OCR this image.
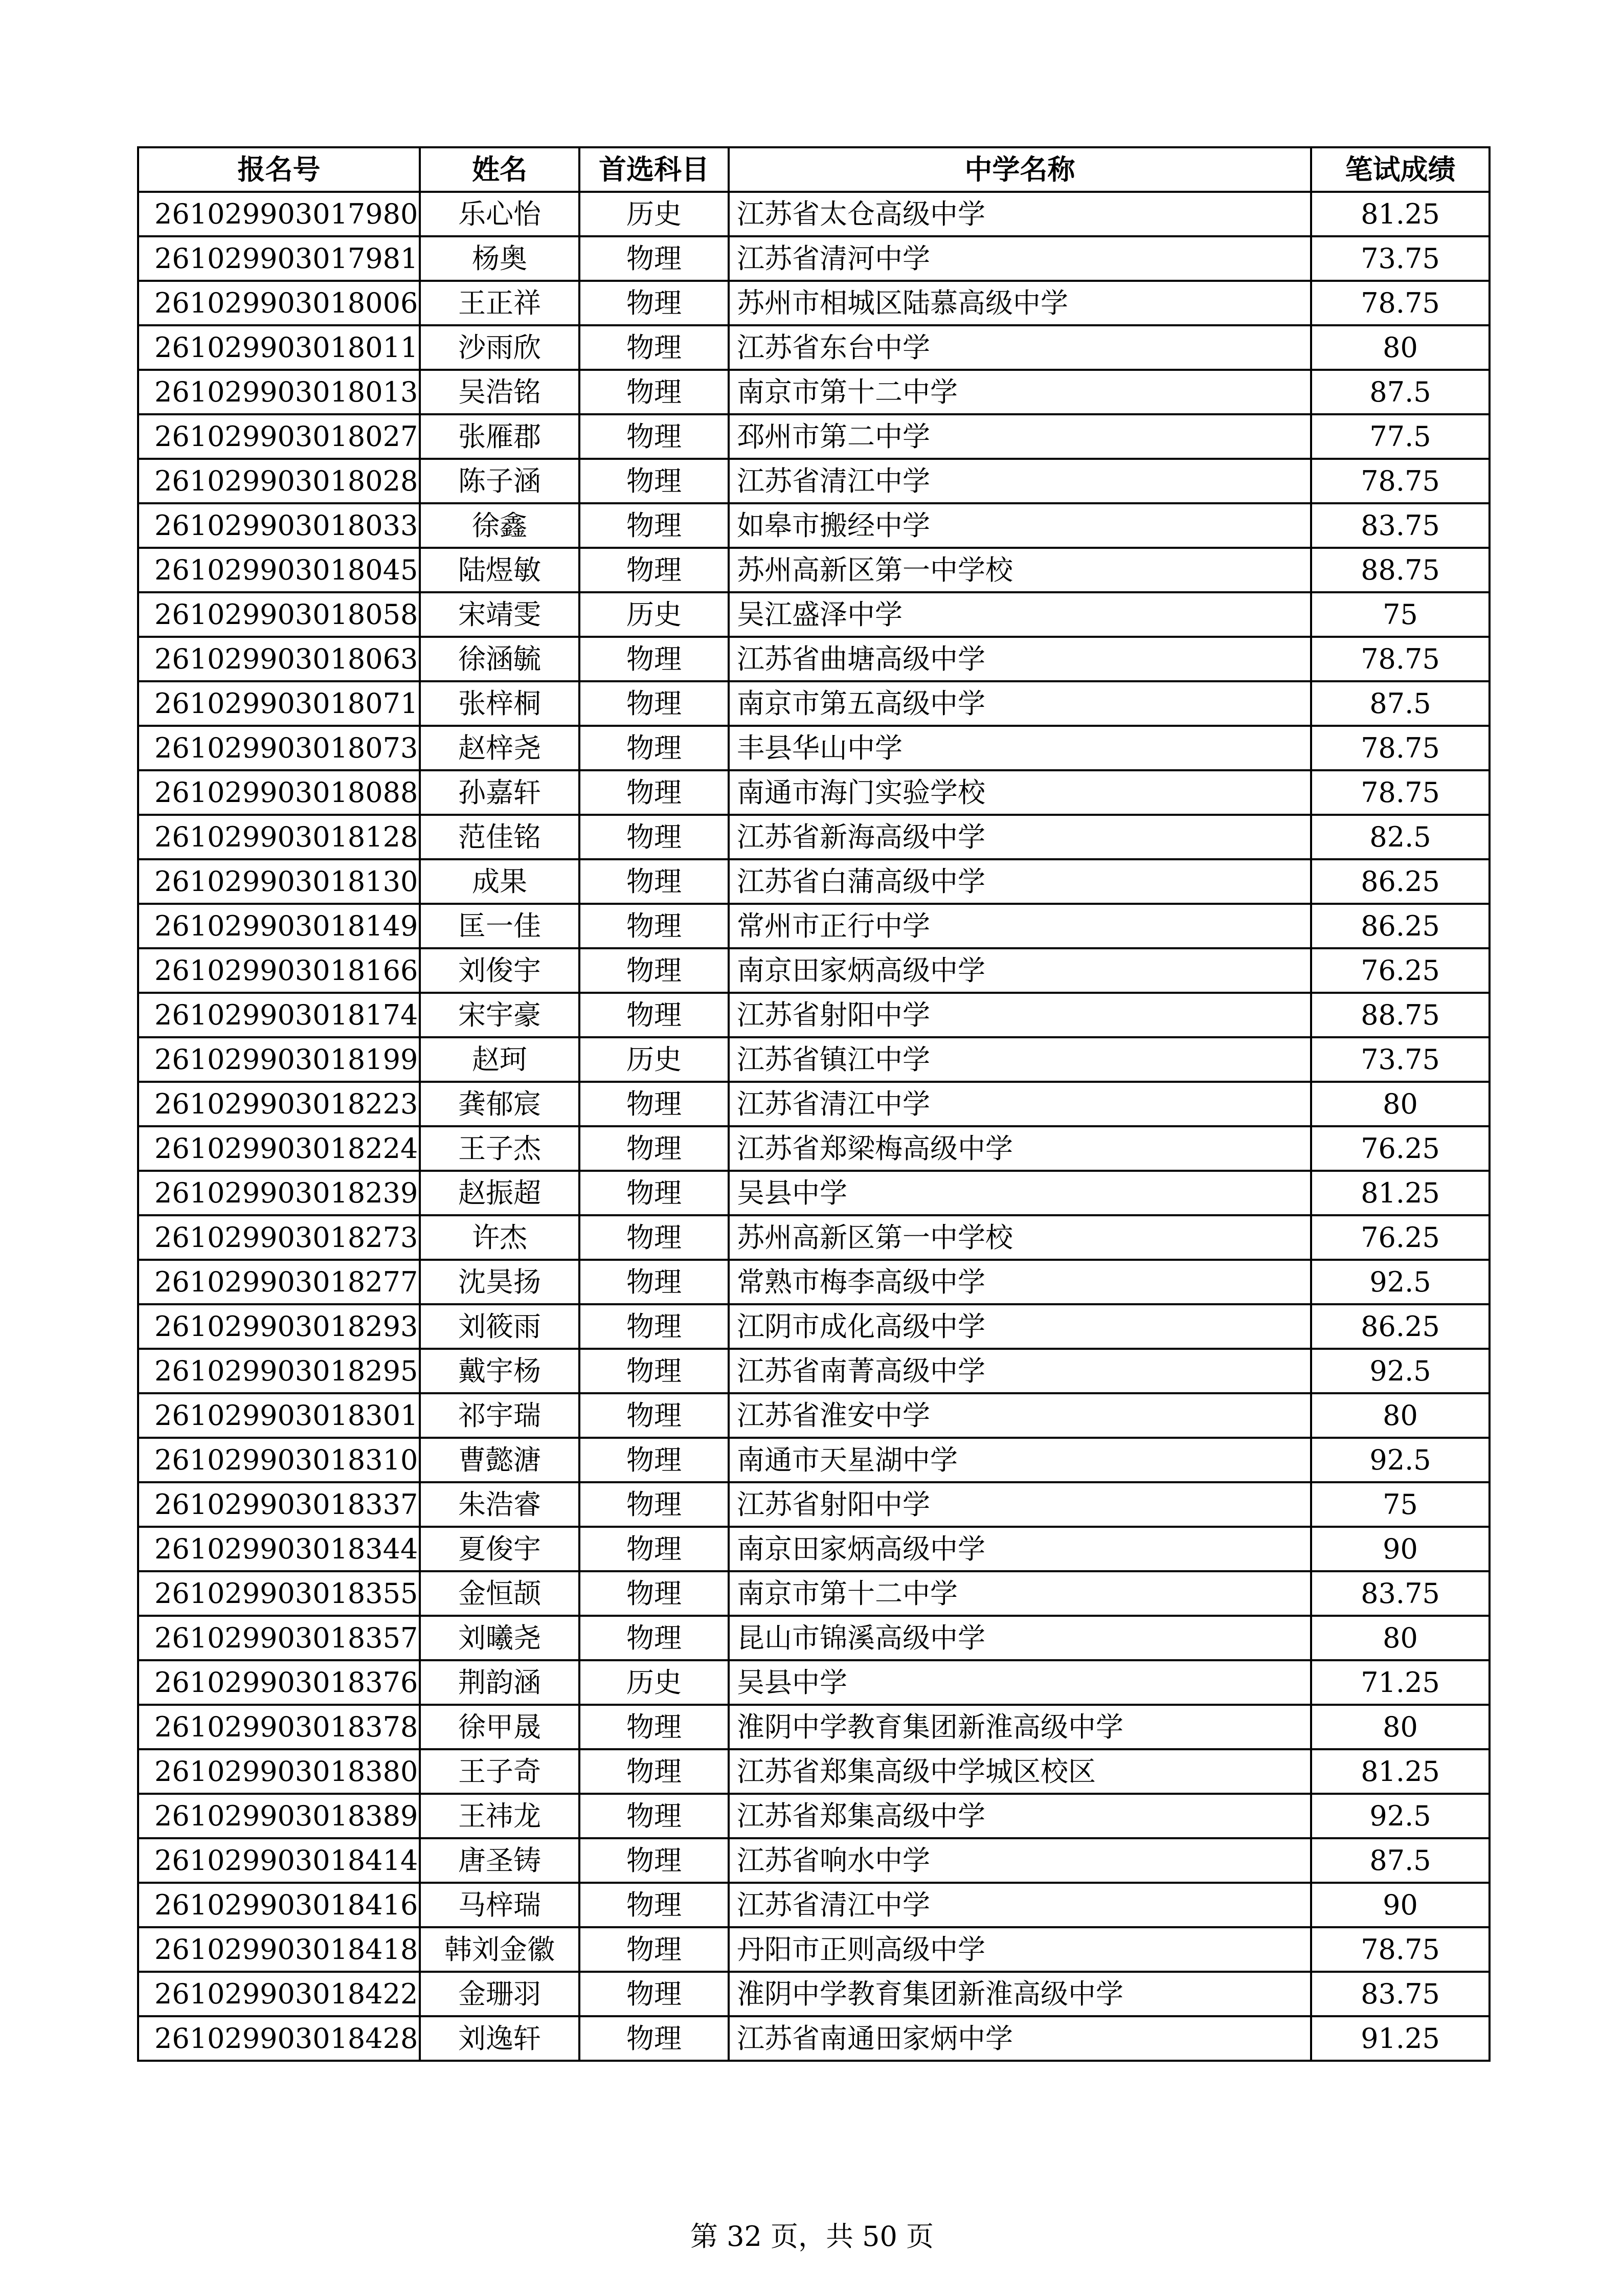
报名号	姓名	首选科目	中学名称	笔试成绩
261029903017980	乐心怡	历史	江苏省太仓高级中学	81.25
261029903017981	杨奥	物理	江苏省清河中学	73.75
261029903018006	王正祥	物理	苏州市相城区陆慕高级中学	78.75
261029903018011	沙雨欣	物理	江苏省东台中学	80
261029903018013	吴浩铭	物理	南京市第十二中学	87.5
261029903018027	张雁郡	物理	邳州市第二中学	77.5
261029903018028	陈子涵	物理	江苏省清江中学	78.75
261029903018033	徐鑫	物理	如皋市搬经中学	83.75
261029903018045	陆煜敏	物理	苏州高新区第一中学校	88.75
261029903018058	宋靖雯	历史	吴江盛泽中学	75
261029903018063	徐涵毓	物理	江苏省曲塘高级中学	78.75
261029903018071	张梓桐	物理	南京市第五高级中学	87.5
261029903018073	赵梓尧	物理	丰县华山中学	78.75
261029903018088	孙嘉轩	物理	南通市海门实验学校	78.75
261029903018128	范佳铭	物理	江苏省新海高级中学	82.5
261029903018130	成果	物理	江苏省白蒲高级中学	86.25
261029903018149	匡一佳	物理	常州市正行中学	86.25
261029903018166	刘俊宇	物理	南京田家炳高级中学	76.25
261029903018174	宋宇豪	物理	江苏省射阳中学	88.75
261029903018199	赵珂	历史	江苏省镇江中学	73.75
261029903018223	龚郁宸	物理	江苏省清江中学	80
261029903018224	王子杰	物理	江苏省郑梁梅高级中学	76.25
261029903018239	赵振超	物理	吴县中学	81.25
261029903018273	许杰	物理	苏州高新区第一中学校	76.25
261029903018277	沈昊扬	物理	常熟市梅李高级中学	92.5
261029903018293	刘筱雨	物理	江阴市成化高级中学	86.25
261029903018295	戴宇杨	物理	江苏省南菁高级中学	92.5
261029903018301	祁宇瑞	物理	江苏省淮安中学	80
261029903018310	曹懿溏	物理	南通市天星湖中学	92.5
261029903018337	朱浩睿	物理	江苏省射阳中学	75
261029903018344	夏俊宇	物理	南京田家炳高级中学	90
261029903018355	金恒颉	物理	南京市第十二中学	83.75
261029903018357	刘曦尧	物理	昆山市锦溪高级中学	80
261029903018376	荆韵涵	历史	吴县中学	71.25
261029903018378	徐甲晟	物理	淮阴中学教育集团新淮高级中学	80
261029903018380	王子奇	物理	江苏省郑集高级中学城区校区	81.25
261029903018389	王祎龙	物理	江苏省郑集高级中学	92.5
261029903018414	唐圣铸	物理	江苏省响水中学	87.5
261029903018416	马梓瑞	物理	江苏省清江中学	90
261029903018418	韩刘金徽	物理	丹阳市正则高级中学	78.75
261029903018422	金珊羽	物理	淮阴中学教育集团新淮高级中学	83.75
261029903018428	刘逸轩	物理	江苏省南通田家炳中学	91.25
第 32 页，共 50 页
